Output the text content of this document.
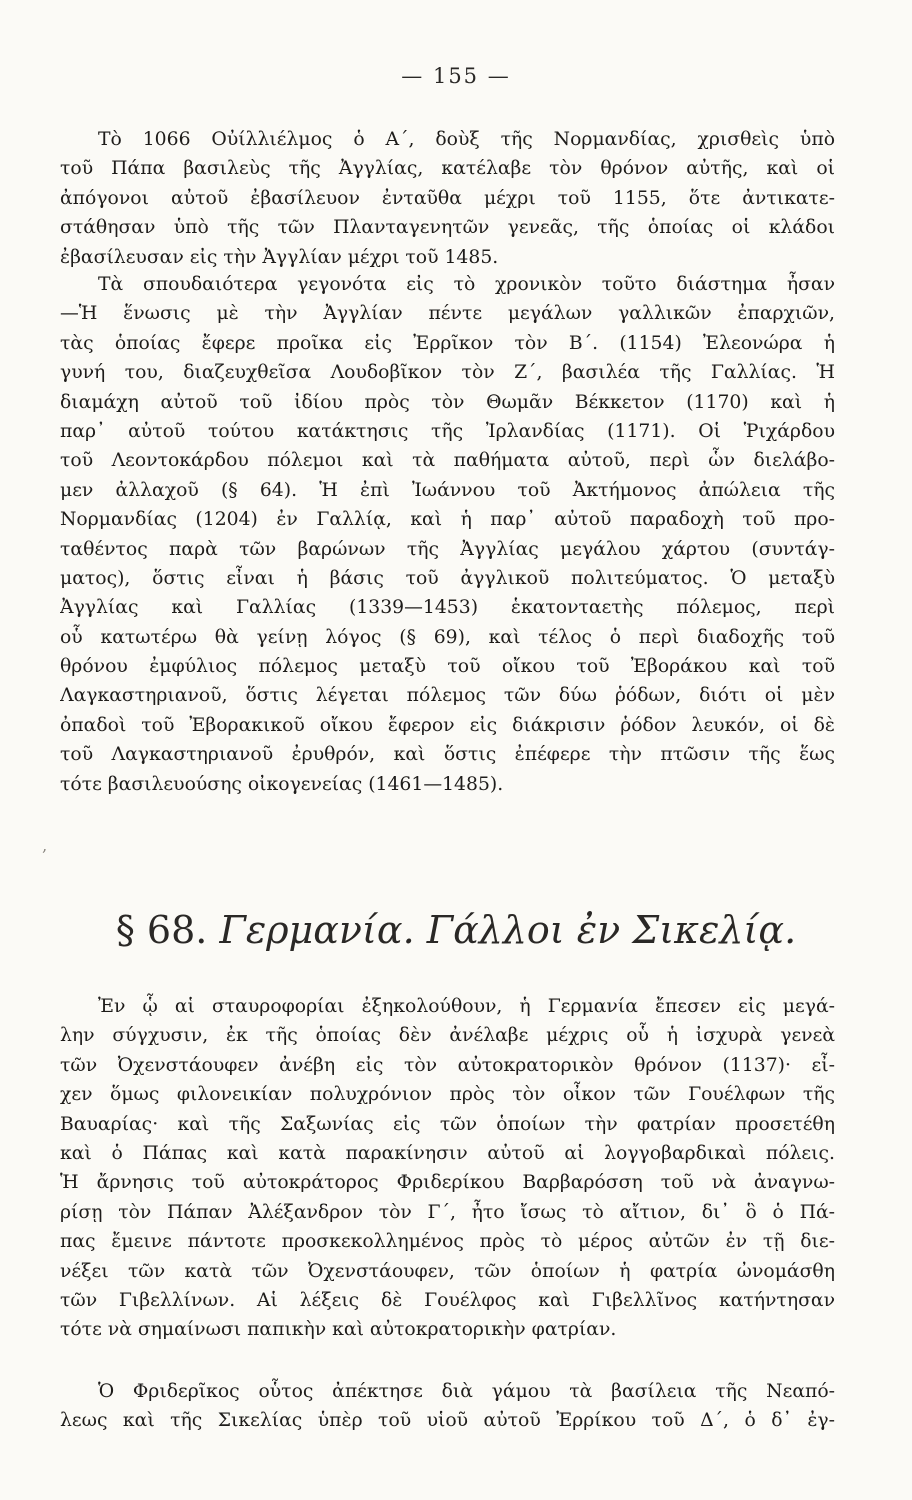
— 155 —
Τὸ 1066 Οὐίλλιέλμος ὁ Α΄, δοὺξ τῆς Νορμανδίας, χρισθεὶς ὑπὸ
τοῦ Πάπα βασιλεὺς τῆς Ἀγγλίας, κατέλαβε τὸν θρόνον αὐτῆς, καὶ οἱ
ἀπόγονοι αὐτοῦ ἐβασίλευον ἐνταῦθα μέχρι τοῦ 1155, ὅτε ἀντικατε-
στάθησαν ὑπὸ τῆς τῶν Πλανταγενητῶν γενεᾶς, τῆς ὁποίας οἱ κλάδοι
ἐβασίλευσαν εἰς τὴν Ἀγγλίαν μέχρι τοῦ 1485.
Τὰ σπουδαιότερα γεγονότα εἰς τὸ χρονικὸν τοῦτο διάστημα ἦσαν
—Ἡ ἕνωσις μὲ τὴν Ἀγγλίαν πέντε μεγάλων γαλλικῶν ἐπαρχιῶν,
τὰς ὁποίας ἔφερε προῖκα εἰς Ἐρρῖκον τὸν Β΄. (1154) Ἐλεονώρα ἡ
γυνή του, διαζευχθεῖσα Λουδοβῖκον τὸν Ζ΄, βασιλέα τῆς Γαλλίας. Ἡ
διαμάχη αὐτοῦ τοῦ ἰδίου πρὸς τὸν Θωμᾶν Βέκκετον (1170) καὶ ἡ
παρ᾿ αὐτοῦ τούτου κατάκτησις τῆς Ἰρλανδίας (1171). Οἱ Ῥιχάρδου
τοῦ Λεοντοκάρδου πόλεμοι καὶ τὰ παθήματα αὐτοῦ, περὶ ὧν διελάβο-
μεν ἀλλαχοῦ (§ 64). Ἡ ἐπὶ Ἰωάννου τοῦ Ἀκτήμονος ἀπώλεια τῆς
Νορμανδίας (1204) ἐν Γαλλίᾳ, καὶ ἡ παρ᾿ αὐτοῦ παραδοχὴ τοῦ προ-
ταθέντος παρὰ τῶν βαρώνων τῆς Ἀγγλίας μεγάλου χάρτου (συντάγ-
ματος), ὅστις εἶναι ἡ βάσις τοῦ ἀγγλικοῦ πολιτεύματος. Ὁ μεταξὺ
Ἀγγλίας καὶ Γαλλίας (1339—1453) ἑκατονταετὴς πόλεμος, περὶ
οὗ κατωτέρω θὰ γείνῃ λόγος (§ 69), καὶ τέλος ὁ περὶ διαδοχῆς τοῦ
θρόνου ἐμφύλιος πόλεμος μεταξὺ τοῦ οἴκου τοῦ Ἐβοράκου καὶ τοῦ
Λαγκαστηριανοῦ, ὅστις λέγεται πόλεμος τῶν δύω ῥόδων, διότι οἱ μὲν
ὀπαδοὶ τοῦ Ἐβορακικοῦ οἴκου ἔφερον εἰς διάκρισιν ῥόδον λευκόν, οἱ δὲ
τοῦ Λαγκαστηριανοῦ ἐρυθρόν, καὶ ὅστις ἐπέφερε τὴν πτῶσιν τῆς ἕως
τότε βασιλευούσης οἰκογενείας (1461—1485).
‚
§ 68. Γερμανία. Γάλλοι ἐν Σικελίᾳ.
Ἐν ᾧ αἱ σταυροφορίαι ἐξηκολούθουν, ἡ Γερμανία ἔπεσεν εἰς μεγά-
λην σύγχυσιν, ἐκ τῆς ὁποίας δὲν ἀνέλαβε μέχρις οὗ ἡ ἰσχυρὰ γενεὰ
τῶν Ὀχενστάουφεν ἀνέβη εἰς τὸν αὐτοκρατορικὸν θρόνον (1137)· εἶ-
χεν ὅμως φιλονεικίαν πολυχρόνιον πρὸς τὸν οἶκον τῶν Γουέλφων τῆς
Βαυαρίας· καὶ τῆς Σαξωνίας εἰς τῶν ὁποίων τὴν φατρίαν προσετέθη
καὶ ὁ Πάπας καὶ κατὰ παρακίνησιν αὐτοῦ αἱ λογγοβαρδικαὶ πόλεις.
Ἡ ἄρνησις τοῦ αὐτοκράτορος Φριδερίκου Βαρβαρόσση τοῦ νὰ ἀναγνω-
ρίσῃ τὸν Πάπαν Ἀλέξανδρον τὸν Γ΄, ἦτο ἴσως τὸ αἴτιον, δι᾿ ὃ ὁ Πά-
πας ἔμεινε πάντοτε προσκεκολλημένος πρὸς τὸ μέρος αὐτῶν ἐν τῇ διε-
νέξει τῶν κατὰ τῶν Ὀχενστάουφεν, τῶν ὁποίων ἡ φατρία ὠνομάσθη
τῶν Γιβελλίνων. Αἱ λέξεις δὲ Γουέλφος καὶ Γιβελλῖνος κατήντησαν
τότε νὰ σημαίνωσι παπικὴν καὶ αὐτοκρατορικὴν φατρίαν.
Ὁ Φριδερῖκος οὗτος ἀπέκτησε διὰ γάμου τὰ βασίλεια τῆς Νεαπό-
λεως καὶ τῆς Σικελίας ὑπὲρ τοῦ υἱοῦ αὐτοῦ Ἐρρίκου τοῦ Δ΄, ὁ δ᾿ ἐγ-
